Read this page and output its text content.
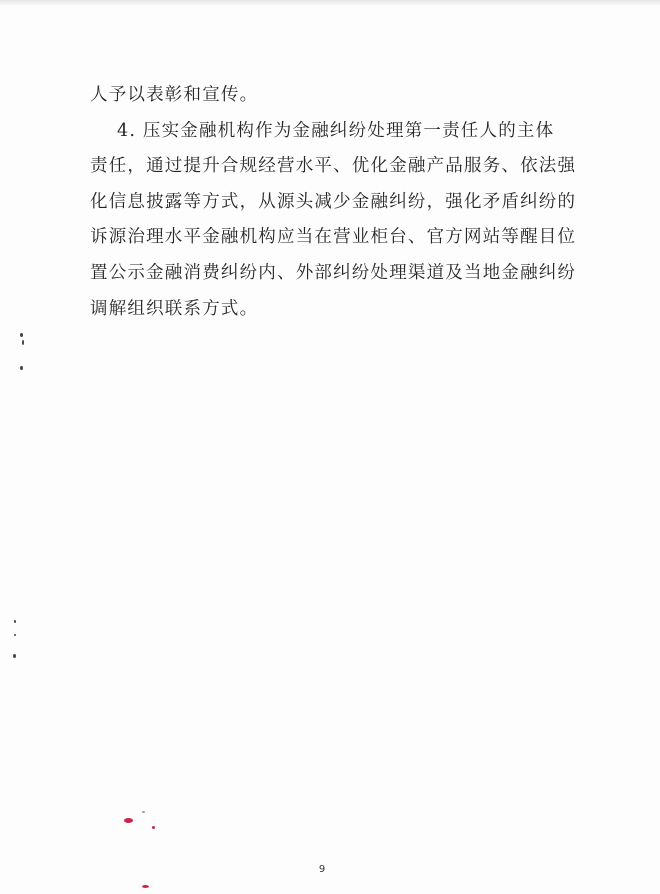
人予以表彰和宣传。
4. 压实金融机构作为金融纠纷处理第一责任人的主体
责任，通过提升合规经营水平、优化金融产品服务、依法强
化信息披露等方式，从源头减少金融纠纷，强化矛盾纠纷的
诉源治理水平金融机构应当在营业柜台、官方网站等醒目位
置公示金融消费纠纷内、外部纠纷处理渠道及当地金融纠纷
调解组织联系方式。
9
